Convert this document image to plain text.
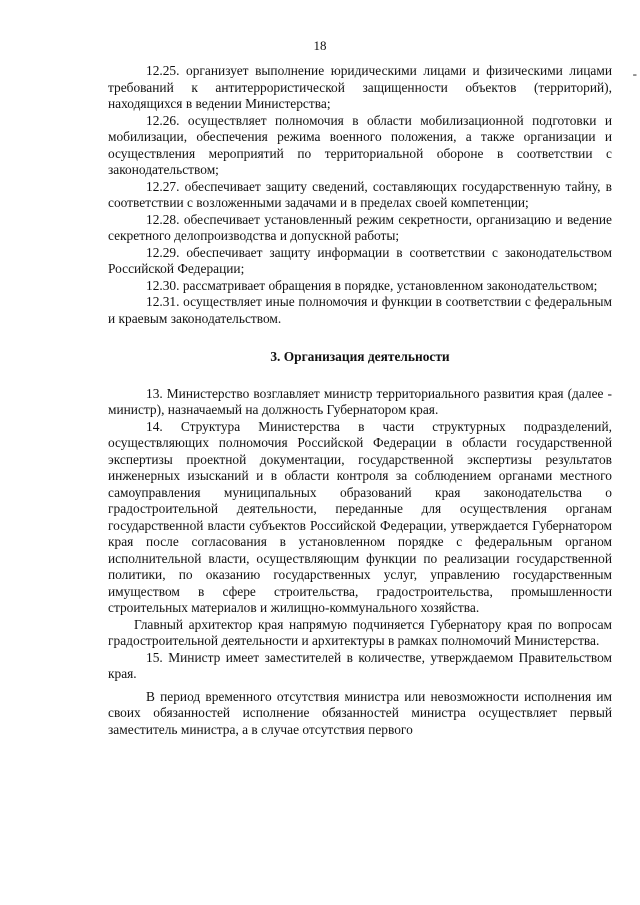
18
-

12.25. организует выполнение юридическими лицами и физическими лицами требований к антитеррористической защищенности объектов (территорий), находящихся в ведении Министерства;

12.26. осуществляет полномочия в области мобилизационной подготовки и мобилизации, обеспечения режима военного положения, а также организации и осуществления мероприятий по территориальной обороне в соответствии с законодательством;

12.27. обеспечивает защиту сведений, составляющих государственную тайну, в соответствии с возложенными задачами и в пределах своей компетенции;

12.28. обеспечивает установленный режим секретности, организацию и ведение секретного делопроизводства и допускной работы;

12.29. обеспечивает защиту информации в соответствии с законодательством Российской Федерации;

12.30. рассматривает обращения в порядке, установленном законодательством;

12.31. осуществляет иные полномочия и функции в соответствии с федеральным и краевым законодательством.

3. Организация деятельности

13. Министерство возглавляет министр территориального развития края (далее - министр), назначаемый на должность Губернатором края.

14. Структура Министерства в части структурных подразделений, осуществляющих полномочия Российской Федерации в области государственной экспертизы проектной документации, государственной экспертизы результатов инженерных изысканий и в области контроля за соблюдением органами местного самоуправления муниципальных образований края законодательства о градостроительной деятельности, переданные для осуществления органам государственной власти субъектов Российской Федерации, утверждается Губернатором края после согласования в установленном порядке с федеральным органом исполнительной власти, осуществляющим функции по реализации государственной политики, по оказанию государственных услуг, управлению государственным имуществом в сфере строительства, градостроительства, промышленности строительных материалов и жилищно-коммунального хозяйства.

Главный архитектор края напрямую подчиняется Губернатору края по вопросам градостроительной деятельности и архитектуры в рамках полномочий Министерства.

15. Министр имеет заместителей в количестве, утверждаемом Правительством края.

В период временного отсутствия министра или невозможности исполнения им своих обязанностей исполнение обязанностей министра осуществляет первый заместитель министра, а в случае отсутствия первого
